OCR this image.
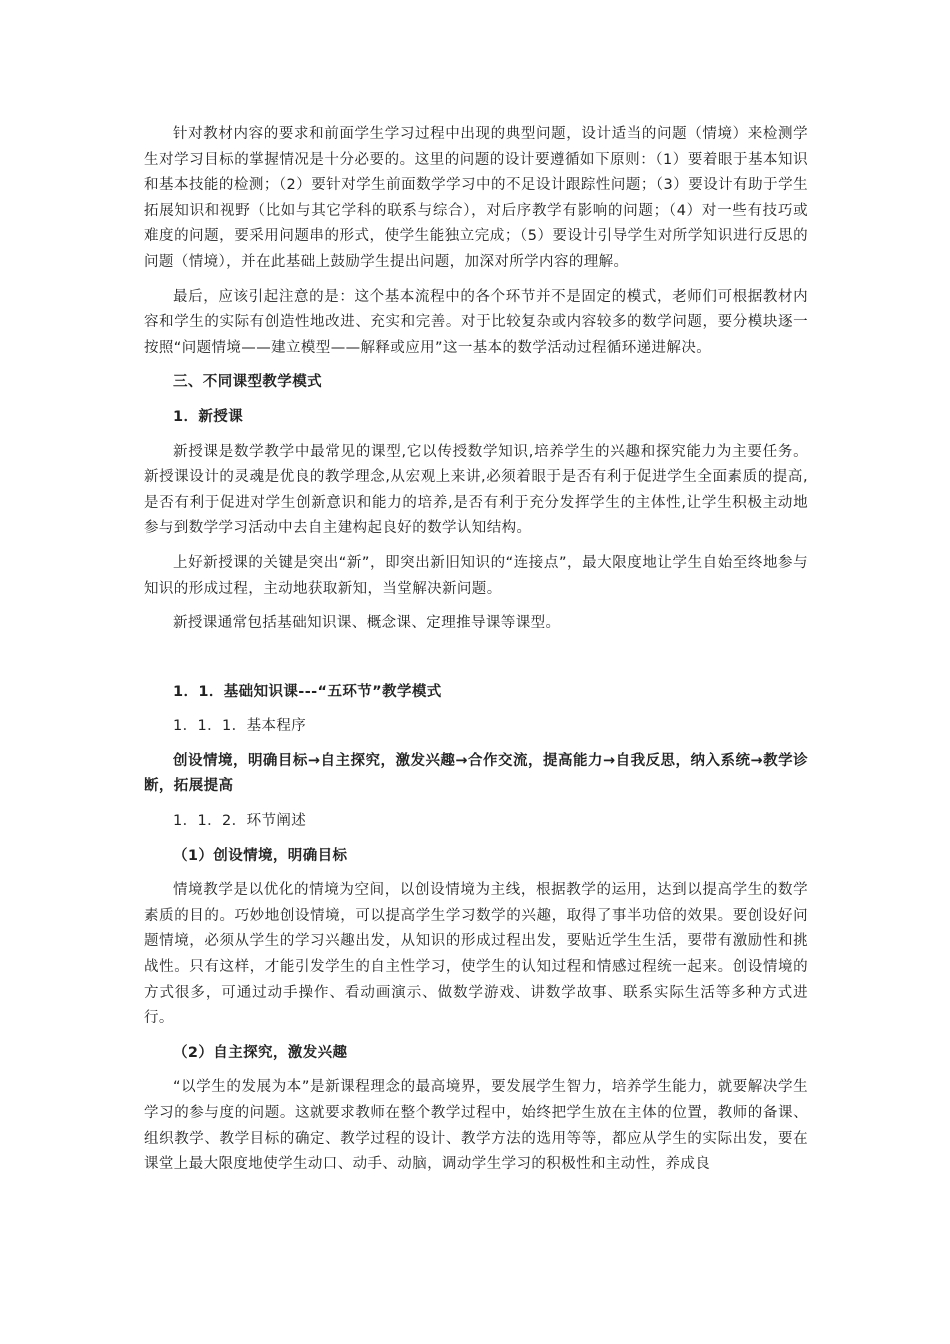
针对教材内容的要求和前面学生学习过程中出现的典型问题，设计适当的问题（情境）来检测学生对学习目标的掌握情况是十分必要的。这里的问题的设计要遵循如下原则：（1）要着眼于基本知识和基本技能的检测；（2）要针对学生前面数学学习中的不足设计跟踪性问题；（3）要设计有助于学生拓展知识和视野（比如与其它学科的联系与综合），对后序教学有影响的问题；（4）对一些有技巧或难度的问题，要采用问题串的形式，使学生能独立完成；（5）要设计引导学生对所学知识进行反思的问题（情境），并在此基础上鼓励学生提出问题，加深对所学内容的理解。

最后，应该引起注意的是：这个基本流程中的各个环节并不是固定的模式，老师们可根据教材内容和学生的实际有创造性地改进、充实和完善。对于比较复杂或内容较多的数学问题，要分模块逐一按照“问题情境——建立模型——解释或应用”这一基本的数学活动过程循环递进解决。

三、不同课型教学模式

1．新授课

新授课是数学教学中最常见的课型,它以传授数学知识,培养学生的兴趣和探究能力为主要任务。新授课设计的灵魂是优良的教学理念,从宏观上来讲,必须着眼于是否有利于促进学生全面素质的提高,是否有利于促进对学生创新意识和能力的培养,是否有利于充分发挥学生的主体性,让学生积极主动地参与到数学学习活动中去自主建构起良好的数学认知结构。

上好新授课的关键是突出“新”，即突出新旧知识的“连接点”，最大限度地让学生自始至终地参与知识的形成过程，主动地获取新知，当堂解决新问题。

新授课通常包括基础知识课、概念课、定理推导课等课型。

1．1．基础知识课---“五环节”教学模式

1．1．1．基本程序

创设情境，明确目标→自主探究，激发兴趣→合作交流，提高能力→自我反思，纳入系统→教学诊断，拓展提高

1．1．2．环节阐述

（1）创设情境，明确目标

情境教学是以优化的情境为空间，以创设情境为主线，根据教学的运用，达到以提高学生的数学素质的目的。巧妙地创设情境，可以提高学生学习数学的兴趣，取得了事半功倍的效果。要创设好问题情境，必须从学生的学习兴趣出发，从知识的形成过程出发，要贴近学生生活，要带有激励性和挑战性。只有这样，才能引发学生的自主性学习，使学生的认知过程和情感过程统一起来。创设情境的方式很多，可通过动手操作、看动画演示、做数学游戏、讲数学故事、联系实际生活等多种方式进行。

（2）自主探究，激发兴趣

“以学生的发展为本”是新课程理念的最高境界，要发展学生智力，培养学生能力，就要解决学生学习的参与度的问题。这就要求教师在整个教学过程中，始终把学生放在主体的位置，教师的备课、组织教学、教学目标的确定、教学过程的设计、教学方法的选用等等，都应从学生的实际出发，要在课堂上最大限度地使学生动口、动手、动脑，调动学生学习的积极性和主动性，养成良
